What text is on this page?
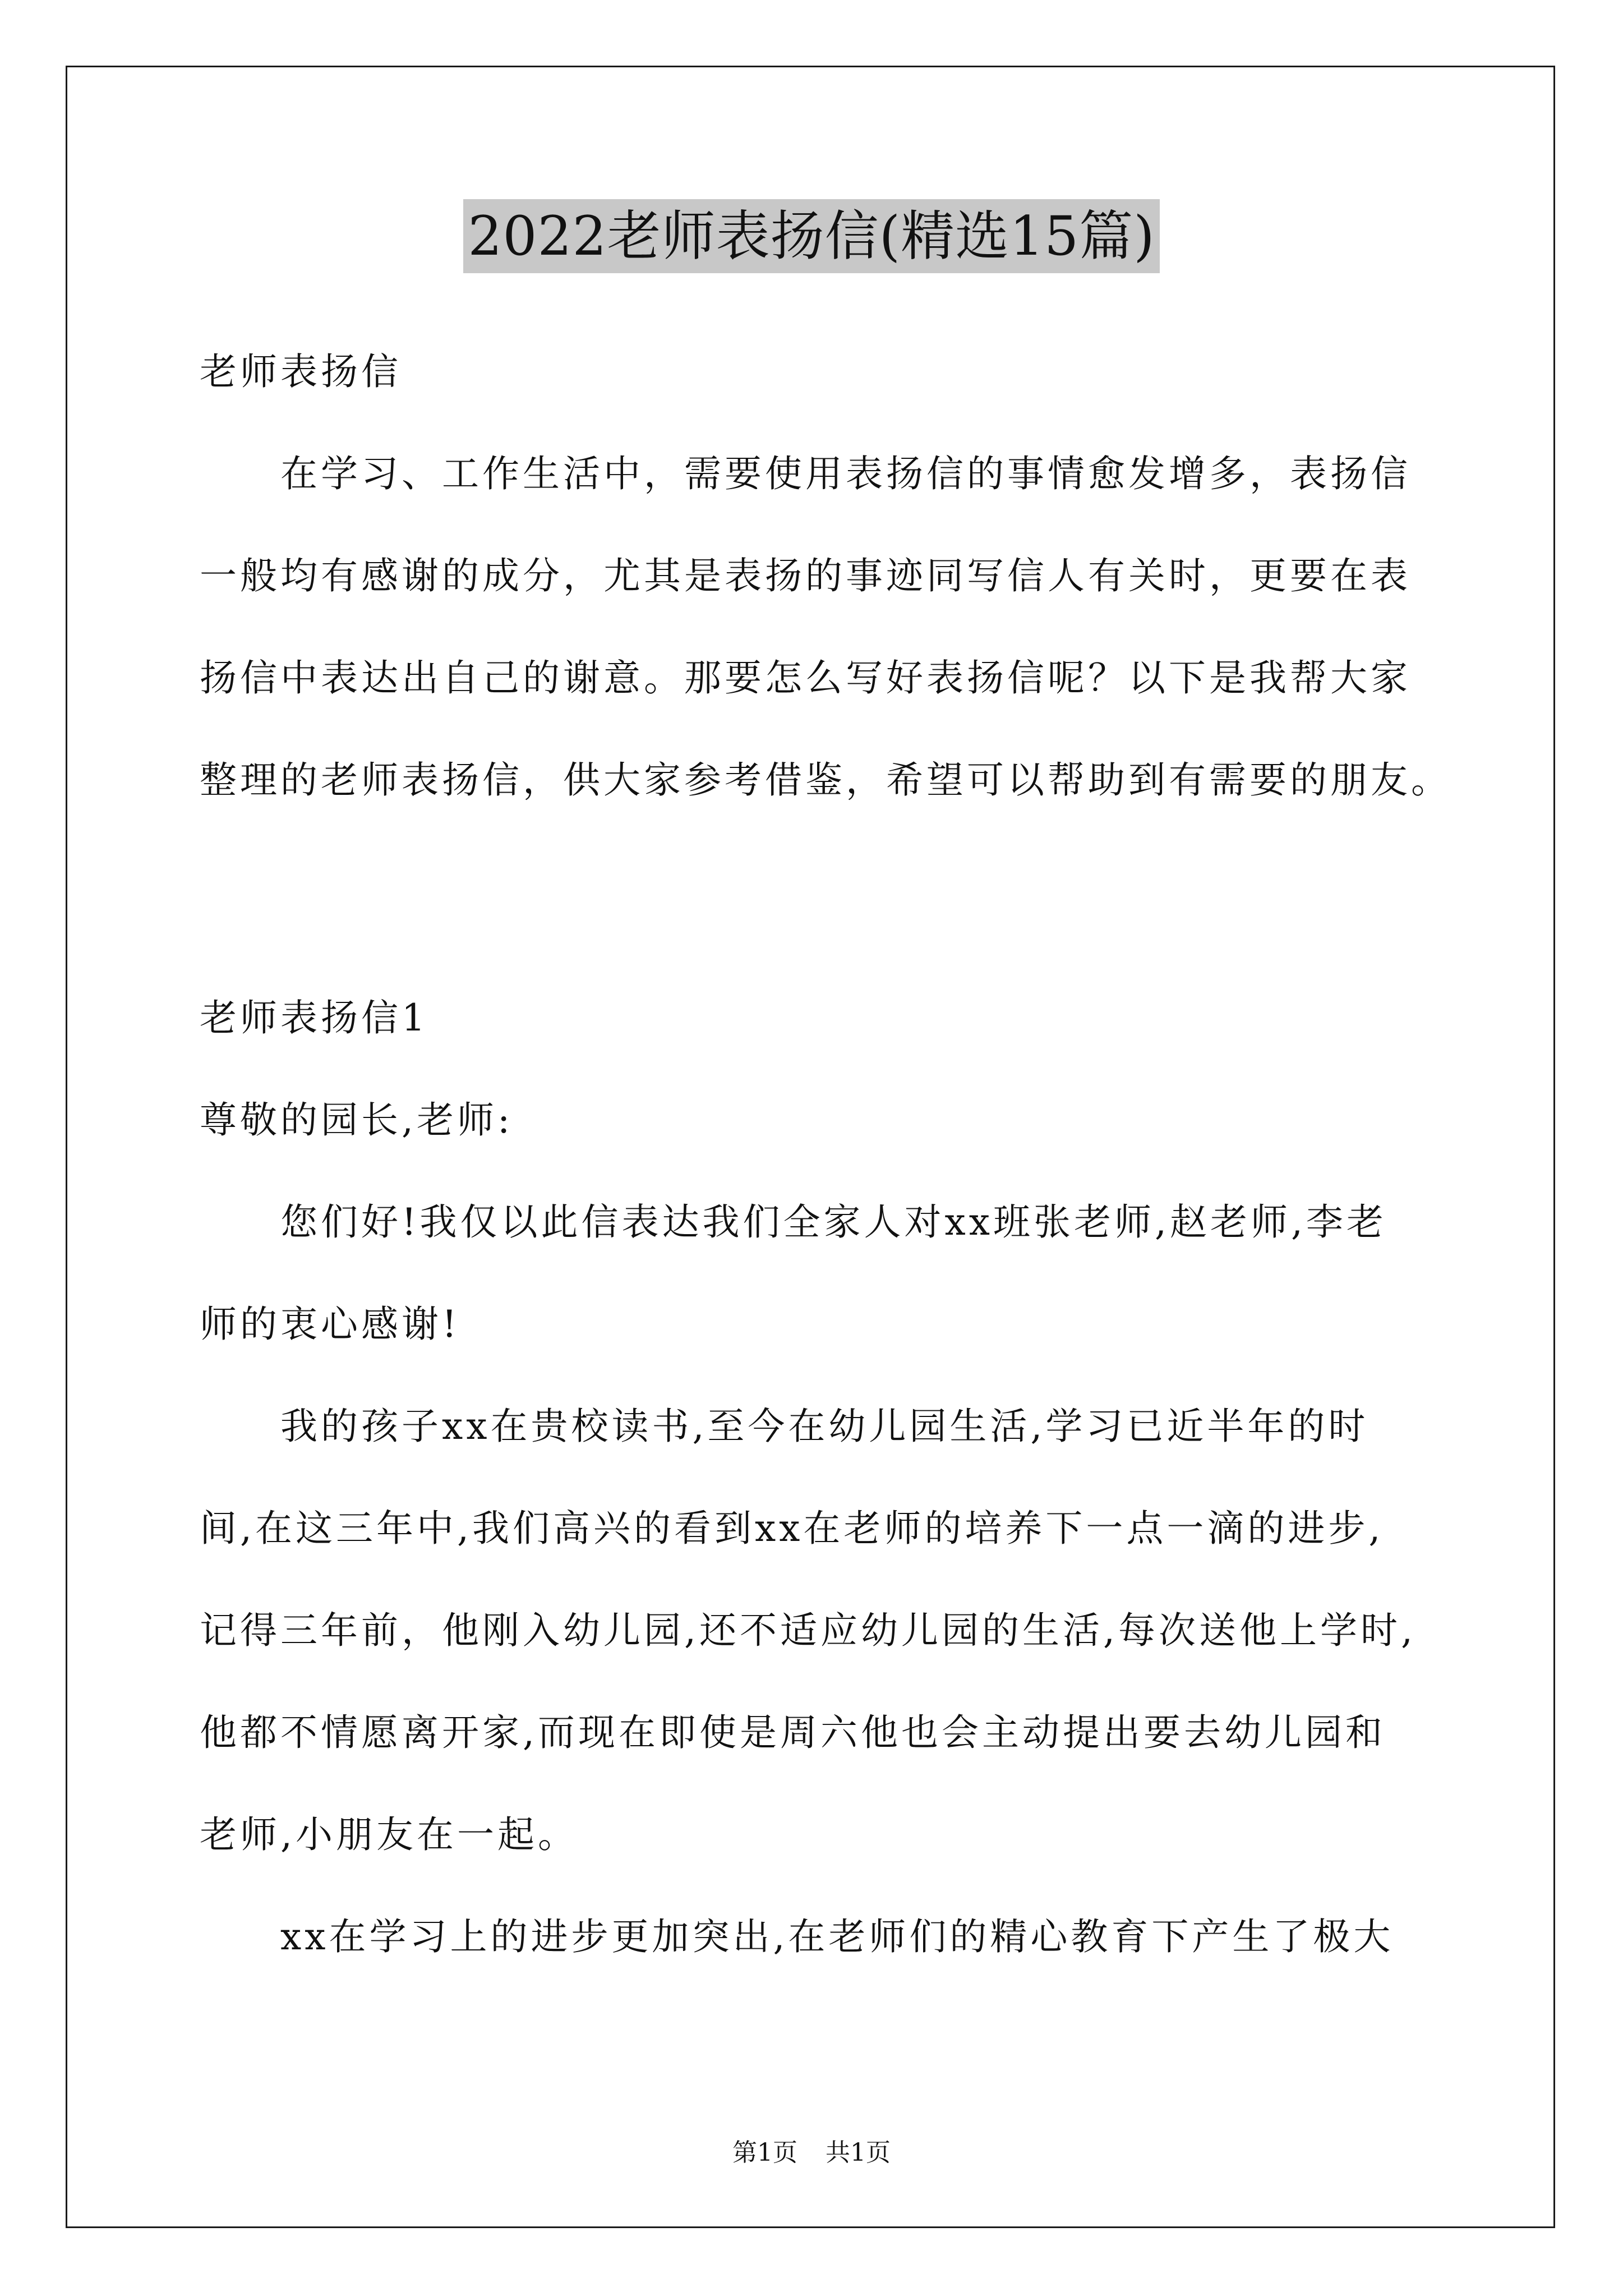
2022老师表扬信(精选15篇)
老师表扬信
　　在学习、工作生活中，需要使用表扬信的事情愈发增多，表扬信
一般均有感谢的成分，尤其是表扬的事迹同写信人有关时，更要在表
扬信中表达出自己的谢意。那要怎么写好表扬信呢？以下是我帮大家
整理的老师表扬信，供大家参考借鉴，希望可以帮助到有需要的朋友。
老师表扬信1
尊敬的园长,老师:
　　您们好!我仅以此信表达我们全家人对xx班张老师,赵老师,李老
师的衷心感谢!
　　我的孩子xx在贵校读书,至今在幼儿园生活,学习已近半年的时
间,在这三年中,我们高兴的看到xx在老师的培养下一点一滴的进步,
记得三年前，他刚入幼儿园,还不适应幼儿园的生活,每次送他上学时,
他都不情愿离开家,而现在即使是周六他也会主动提出要去幼儿园和
老师,小朋友在一起。
　　xx在学习上的进步更加突出,在老师们的精心教育下产生了极大
第1页 共1页
